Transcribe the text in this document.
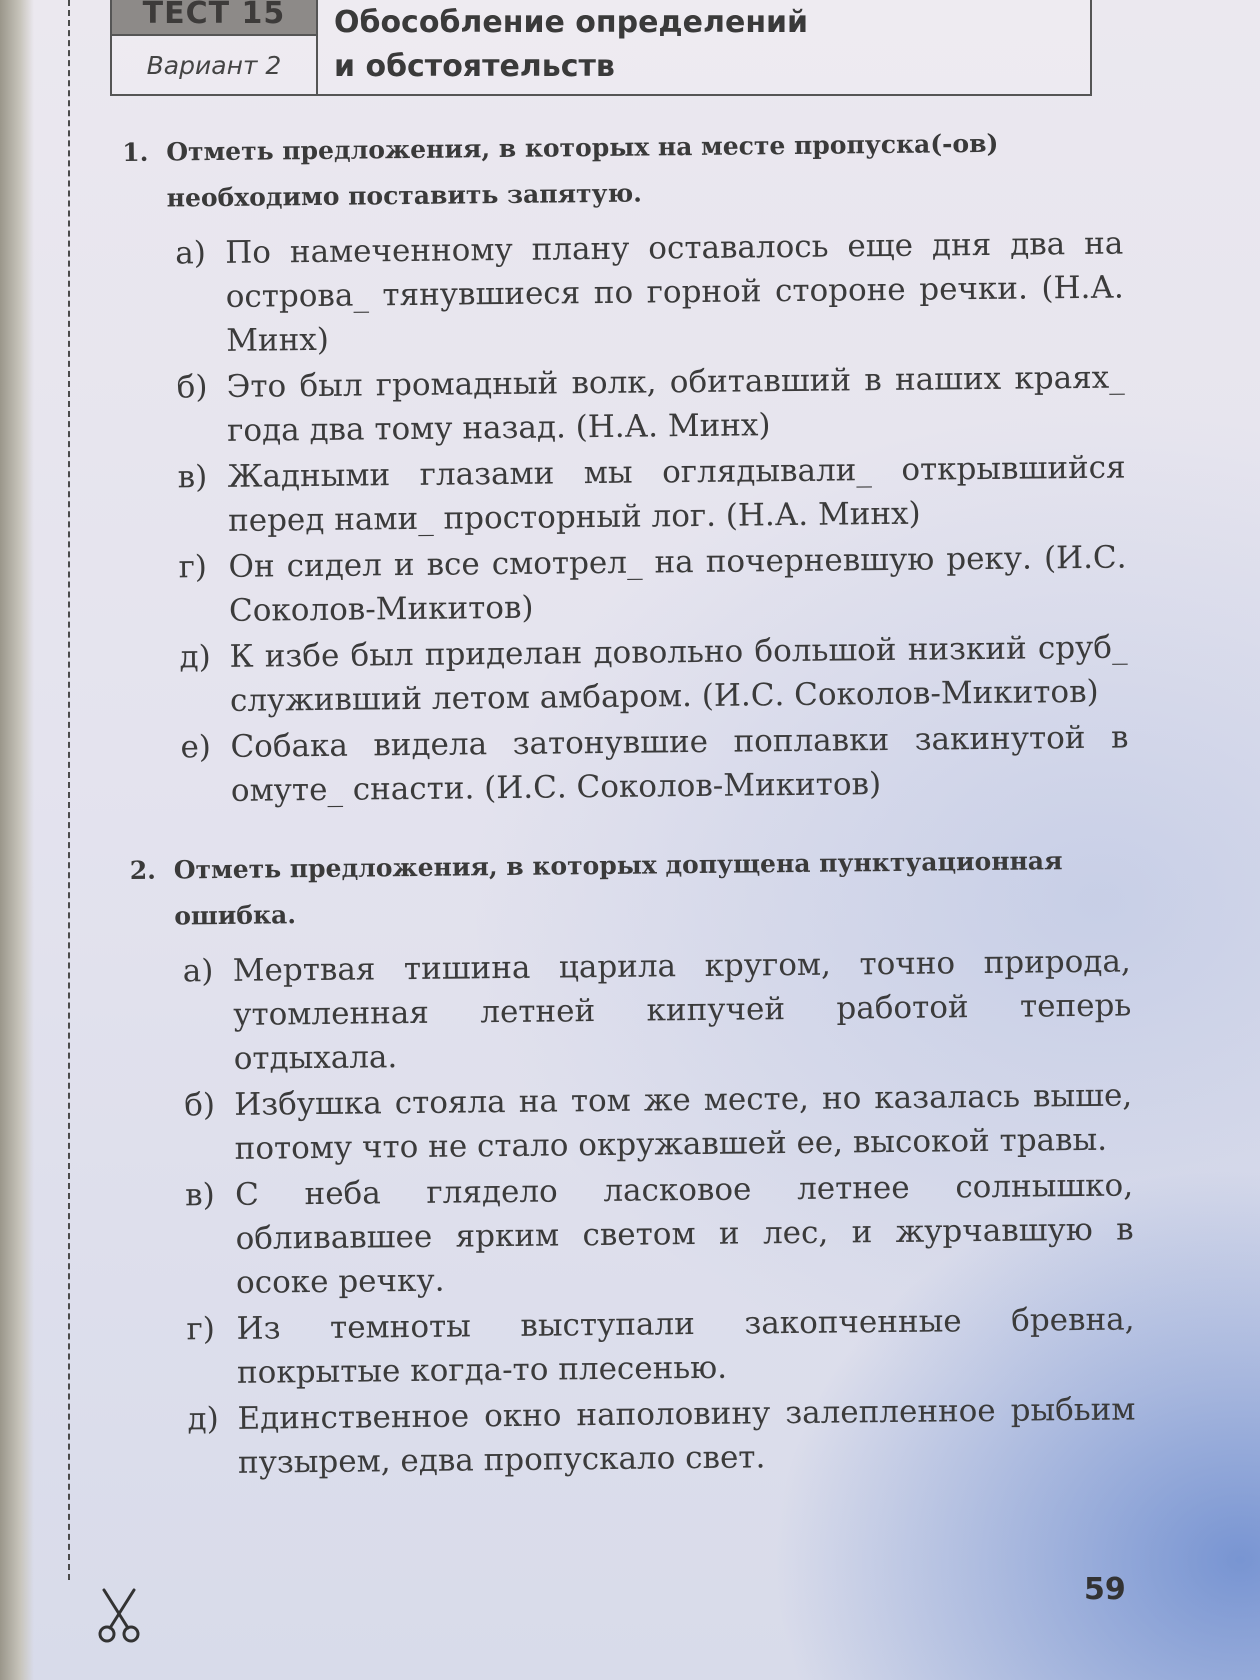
ТЕСТ 15
Вариант 2
Обособление определений
и обстоятельств
1. Отметь предложения, в которых на месте пропуска(-ов) необходимо поставить запятую.
а) По намеченному плану оставалось еще дня два на острова_ тянувшиеся по горной стороне речки. (Н.А. Минх)
б) Это был громадный волк, обитавший в наших краях_ года два тому назад. (Н.А. Минх)
в) Жадными глазами мы оглядывали_ открывшийся перед нами_ просторный лог. (Н.А. Минх)
г) Он сидел и все смотрел_ на почерневшую реку. (И.С. Соколов-Микитов)
д) К избе был приделан довольно большой низкий сруб_ служивший летом амбаром. (И.С. Соколов-Микитов)
е) Собака видела затонувшие поплавки закинутой в омуте_ снасти. (И.С. Соколов-Микитов)
2. Отметь предложения, в которых допущена пунктуационная ошибка.
а) Мертвая тишина царила кругом, точно природа, утомленная летней кипучей работой теперь отдыхала.
б) Избушка стояла на том же месте, но казалась выше, потому что не стало окружавшей ее, высокой травы.
в) С неба глядело ласковое летнее солнышко, обливавшее ярким светом и лес, и журчавшую в осоке речку.
г) Из темноты выступали закопченные бревна, покрытые когда-то плесенью.
д) Единственное окно наполовину залепленное рыбьим пузырем, едва пропускало свет.
59
